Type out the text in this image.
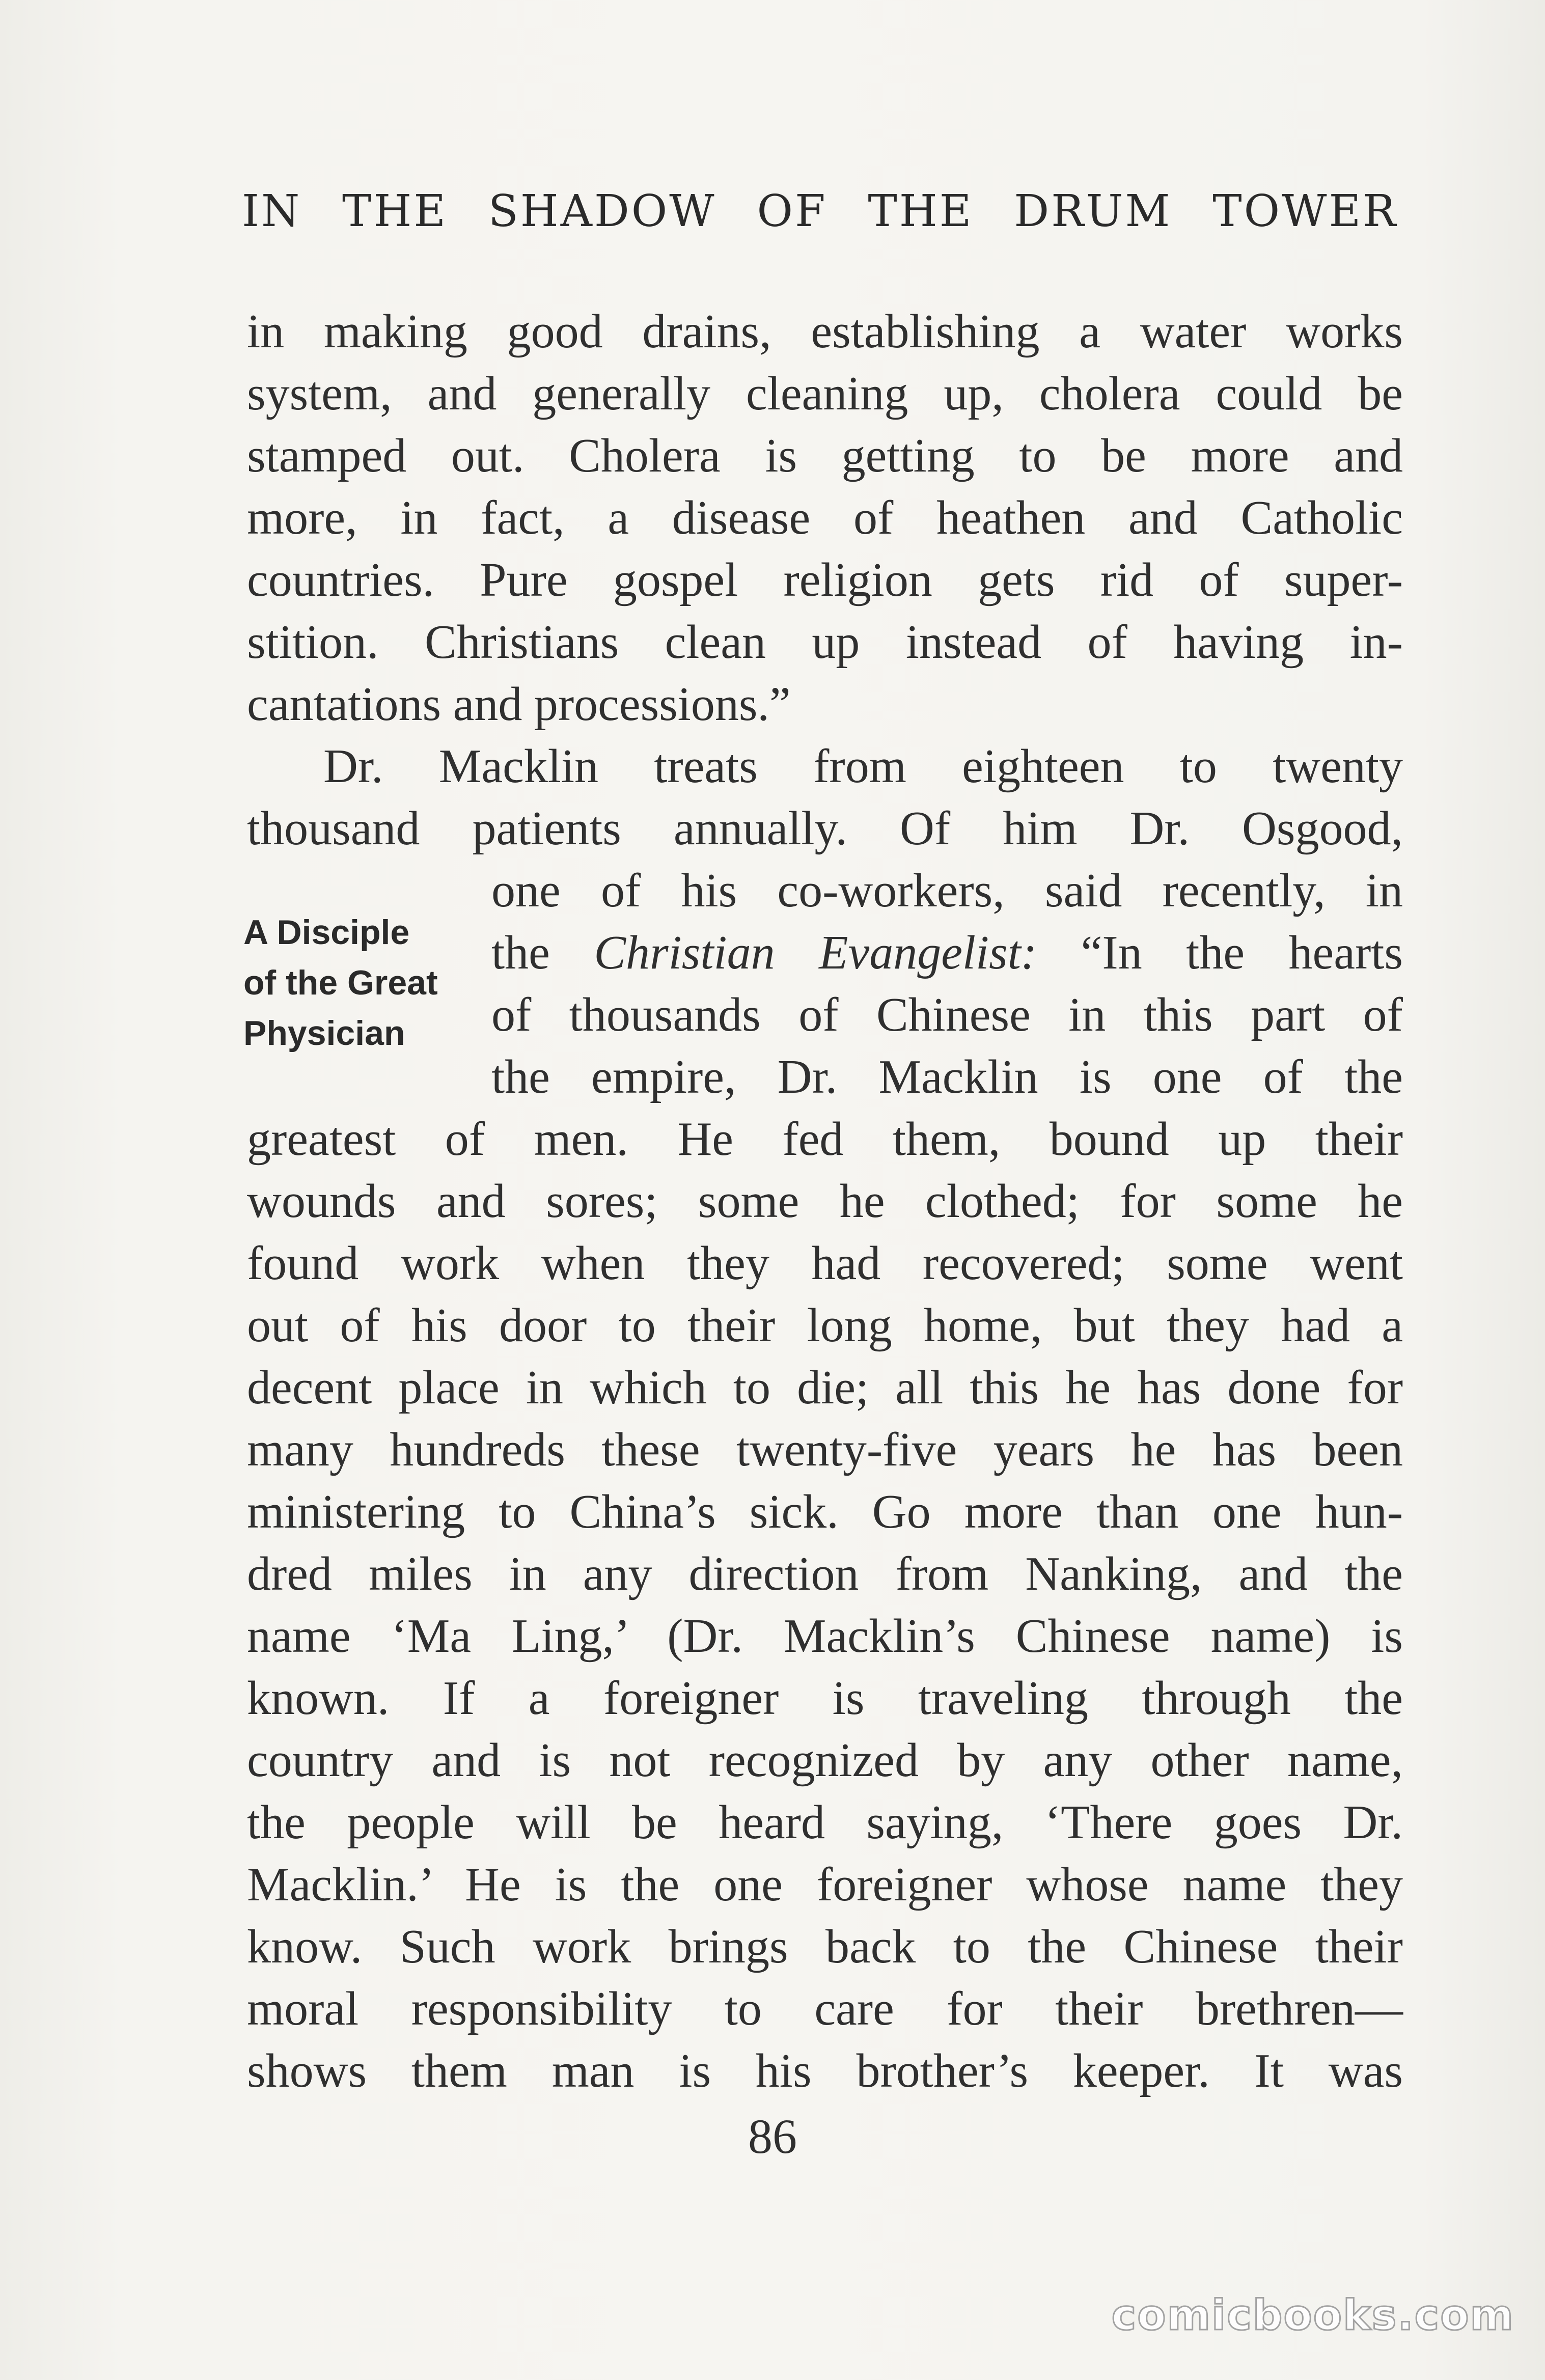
IN THE SHADOW OF THE DRUM TOWER
in making good drains, establishing a water works
system, and generally cleaning up, cholera could be
stamped out. Cholera is getting to be more and
more, in fact, a disease of heathen and Catholic
countries. Pure gospel religion gets rid of super-
stition. Christians clean up instead of having in-
cantations and processions.”
Dr. Macklin treats from eighteen to twenty
thousand patients annually. Of him Dr. Osgood,
one of his co-workers, said recently, in
the Christian Evangelist: “In the hearts
of thousands of Chinese in this part of
the empire, Dr. Macklin is one of the
greatest of men. He fed them, bound up their
wounds and sores; some he clothed; for some he
found work when they had recovered; some went
out of his door to their long home, but they had a
decent place in which to die; all this he has done for
many hundreds these twenty-five years he has been
ministering to China’s sick. Go more than one hun-
dred miles in any direction from Nanking, and the
name ‘Ma Ling,’ (Dr. Macklin’s Chinese name) is
known. If a foreigner is traveling through the
country and is not recognized by any other name,
the people will be heard saying, ‘There goes Dr.
Macklin.’ He is the one foreigner whose name they
know. Such work brings back to the Chinese their
moral responsibility to care for their brethren—
shows them man is his brother’s keeper. It was
A Disciple
of the Great
Physician
86
comicbooks.com
